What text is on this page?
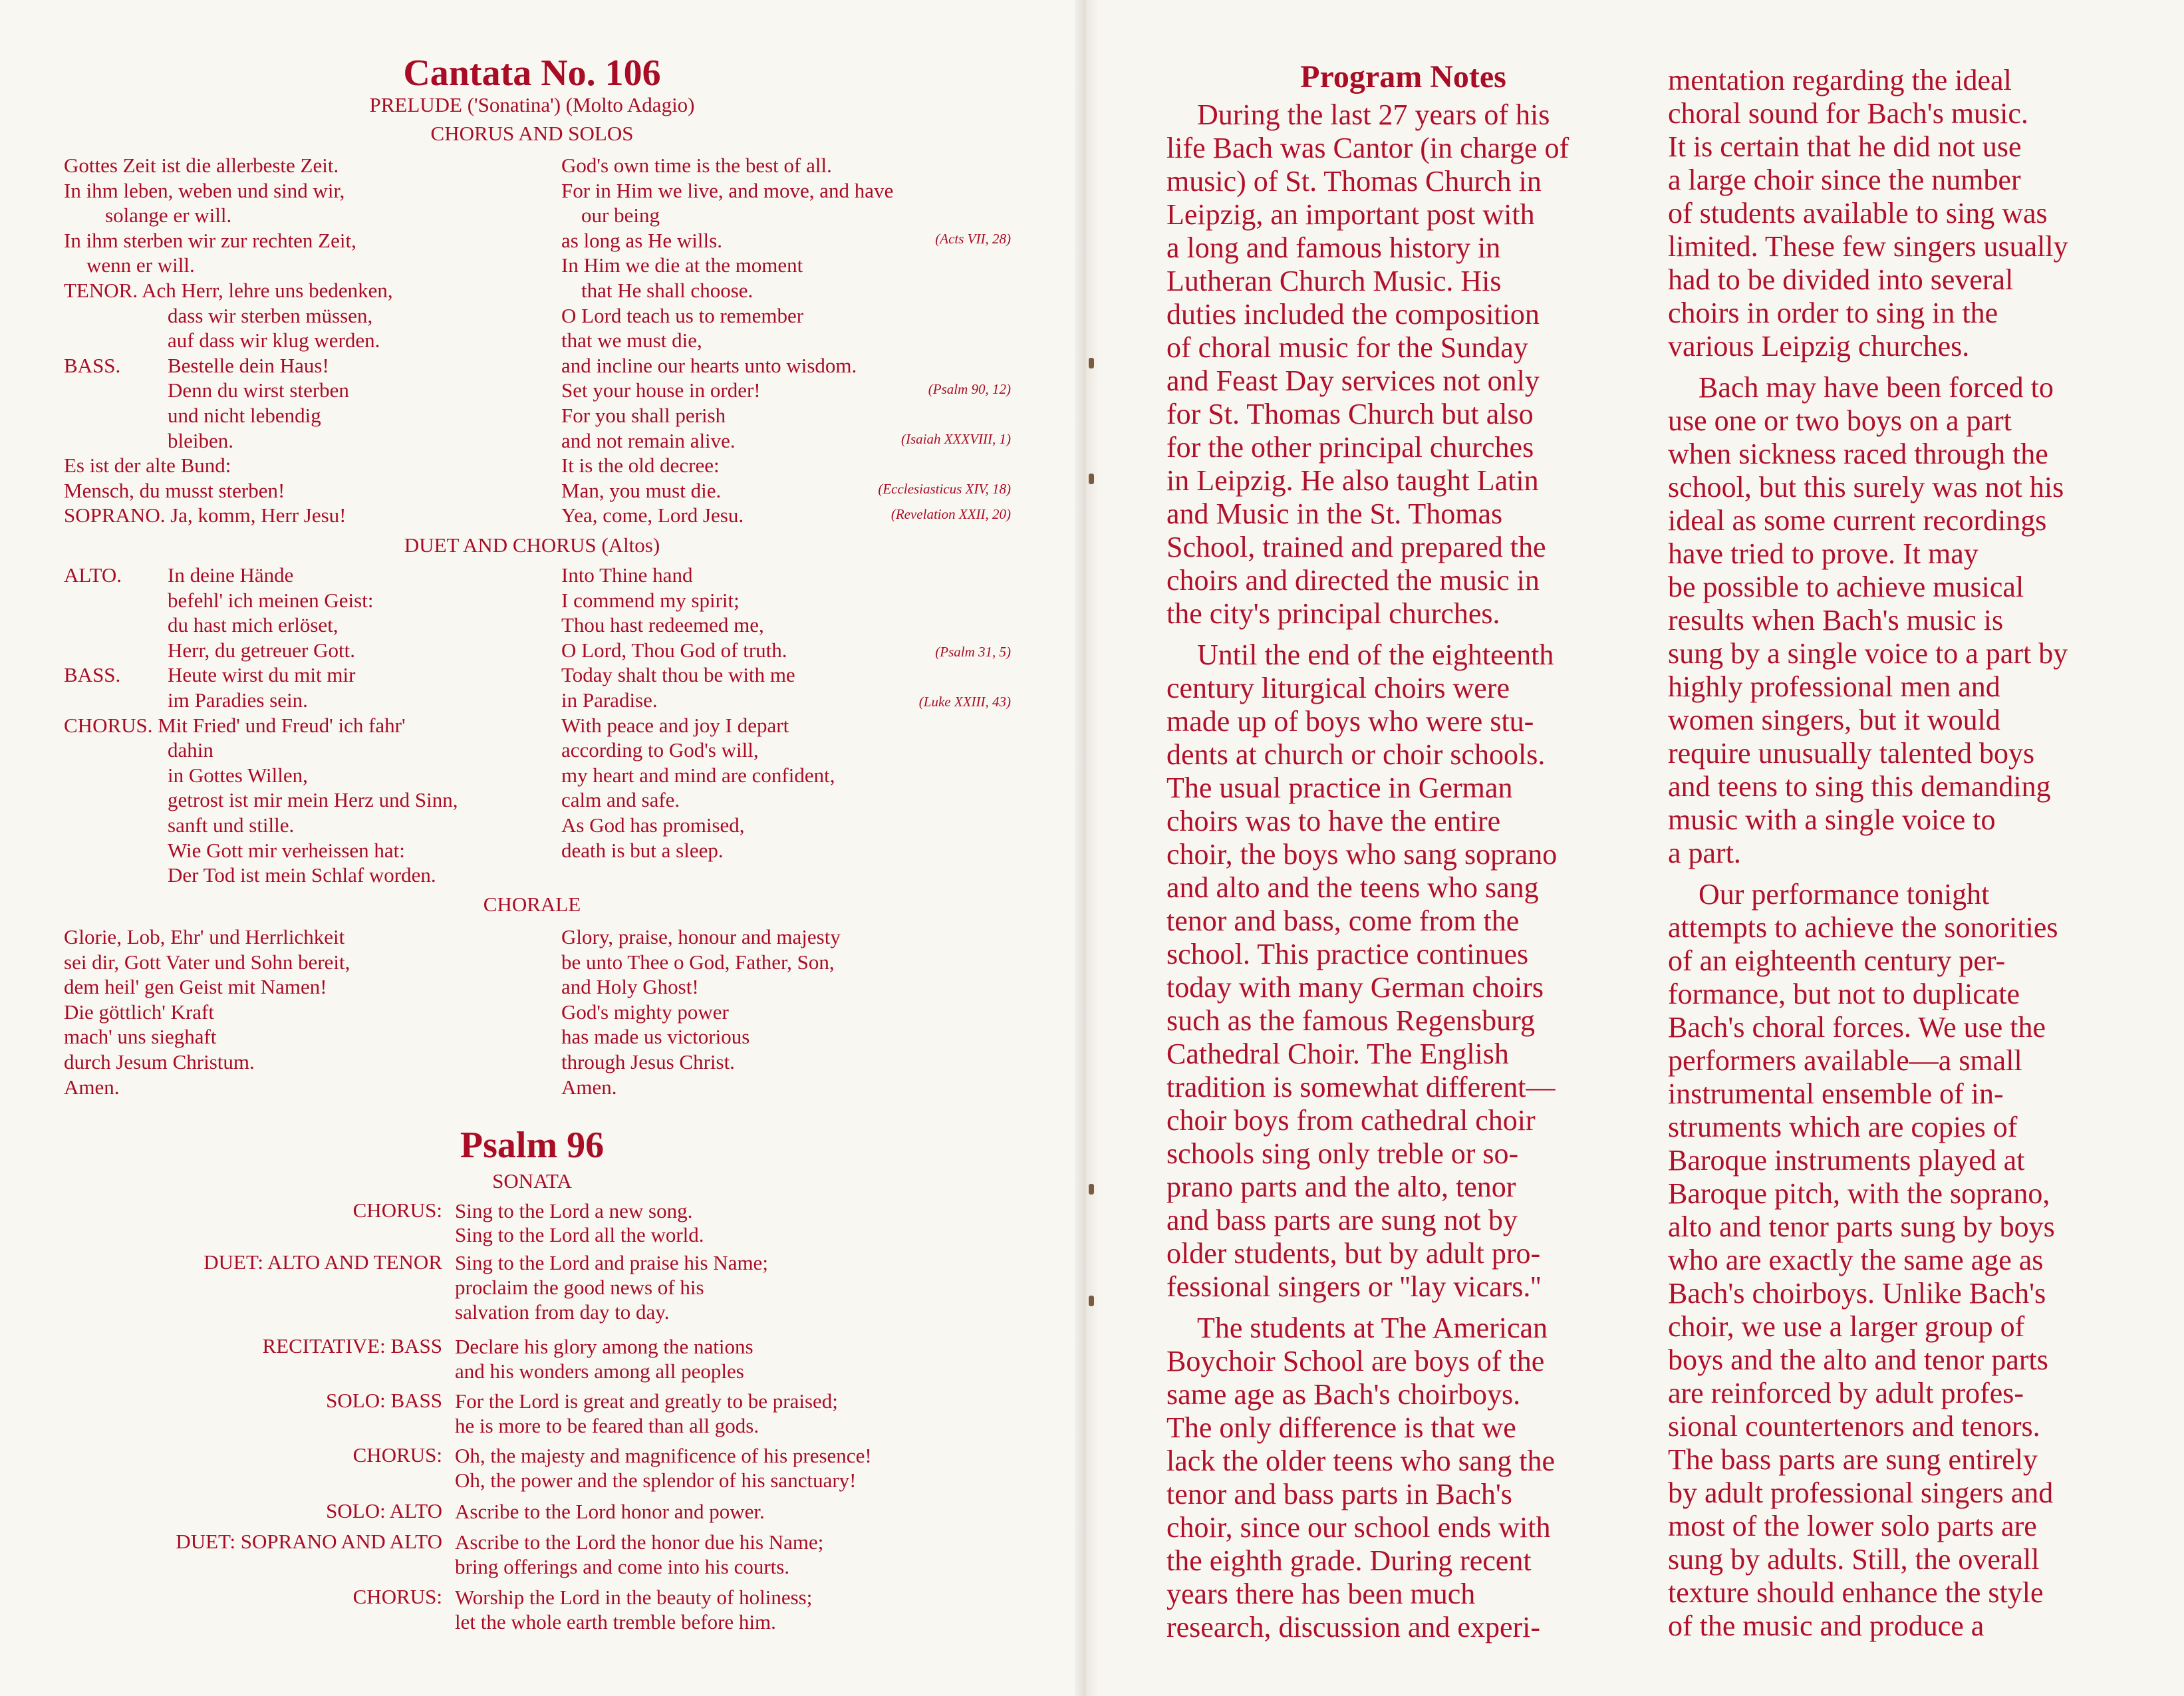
Cantata No. 106
PRELUDE ('Sonatina') (Molto Adagio)
CHORUS AND SOLOS
Gottes Zeit ist die allerbeste Zeit.
In ihm leben, weben und sind wir,
solange er will.
In ihm sterben wir zur rechten Zeit,
wenn er will.
TENOR. Ach Herr, lehre uns bedenken,
dass wir sterben müssen,
auf dass wir klug werden.
BASS. Bestelle dein Haus!
Denn du wirst sterben
und nicht lebendig
bleiben.
Es ist der alte Bund:
Mensch, du musst sterben!
SOPRANO. Ja, komm, Herr Jesu!
God's own time is the best of all.
For in Him we live, and move, and have
our being
as long as He wills.
In Him we die at the moment
that He shall choose.
O Lord teach us to remember
that we must die,
and incline our hearts unto wisdom.
Set your house in order!
For you shall perish
and not remain alive.
It is the old decree:
Man, you must die.
Yea, come, Lord Jesu.
(Acts VII, 28)
(Psalm 90, 12)
(Isaiah XXXVIII, 1)
(Ecclesiasticus XIV, 18)
(Revelation XXII, 20)
(Psalm 31, 5)
(Luke XXIII, 43)
DUET AND CHORUS (Altos)
ALTO. In deine Hände
befehl' ich meinen Geist:
du hast mich erlöset,
Herr, du getreuer Gott.
BASS. Heute wirst du mit mir
im Paradies sein.
CHORUS. Mit Fried' und Freud' ich fahr'
dahin
in Gottes Willen,
getrost ist mir mein Herz und Sinn,
sanft und stille.
Wie Gott mir verheissen hat:
Der Tod ist mein Schlaf worden.
Into Thine hand
I commend my spirit;
Thou hast redeemed me,
O Lord, Thou God of truth.
Today shalt thou be with me
in Paradise.
With peace and joy I depart
according to God's will,
my heart and mind are confident,
calm and safe.
As God has promised,
death is but a sleep.
CHORALE
Glorie, Lob, Ehr' und Herrlichkeit
sei dir, Gott Vater und Sohn bereit,
dem heil' gen Geist mit Namen!
Die göttlich' Kraft
mach' uns sieghaft
durch Jesum Christum.
Amen.
Glory, praise, honour and majesty
be unto Thee o God, Father, Son,
and Holy Ghost!
God's mighty power
has made us victorious
through Jesus Christ.
Amen.
Psalm 96
SONATA
CHORUS:
DUET: ALTO AND TENOR
RECITATIVE: BASS
SOLO: BASS
CHORUS:
SOLO: ALTO
DUET: SOPRANO AND ALTO
CHORUS:
Sing to the Lord a new song.
Sing to the Lord all the world.
Sing to the Lord and praise his Name;
proclaim the good news of his
salvation from day to day.
Declare his glory among the nations
and his wonders among all peoples
For the Lord is great and greatly to be praised;
he is more to be feared than all gods.
Oh, the majesty and magnificence of his presence!
Oh, the power and the splendor of his sanctuary!
Ascribe to the Lord honor and power.
Ascribe to the Lord the honor due his Name;
bring offerings and come into his courts.
Worship the Lord in the beauty of holiness;
let the whole earth tremble before him.
Program Notes

During the last 27 years of his

life Bach was Cantor (in charge of

music) of St. Thomas Church in

Leipzig, an important post with

a long and famous history in

Lutheran Church Music. His

duties included the composition

of choral music for the Sunday

and Feast Day services not only

for St. Thomas Church but also

for the other principal churches

in Leipzig. He also taught Latin

and Music in the St. Thomas

School, trained and prepared the

choirs and directed the music in

the city's principal churches.

Until the end of the eighteenth

century liturgical choirs were

made up of boys who were stu-

dents at church or choir schools.

The usual practice in German

choirs was to have the entire

choir, the boys who sang soprano

and alto and the teens who sang

tenor and bass, come from the

school. This practice continues

today with many German choirs

such as the famous Regensburg

Cathedral Choir. The English

tradition is somewhat different—

choir boys from cathedral choir

schools sing only treble or so-

prano parts and the alto, tenor

and bass parts are sung not by

older students, but by adult pro-

fessional singers or ''lay vicars.''

The students at The American

Boychoir School are boys of the

same age as Bach's choirboys.

The only difference is that we

lack the older teens who sang the

tenor and bass parts in Bach's

choir, since our school ends with

the eighth grade. During recent

years there has been much

research, discussion and experi-

mentation regarding the ideal

choral sound for Bach's music.

It is certain that he did not use

a large choir since the number

of students available to sing was

limited. These few singers usually

had to be divided into several

choirs in order to sing in the

various Leipzig churches.

Bach may have been forced to

use one or two boys on a part

when sickness raced through the

school, but this surely was not his

ideal as some current recordings

have tried to prove. It may

be possible to achieve musical

results when Bach's music is

sung by a single voice to a part by

highly professional men and

women singers, but it would

require unusually talented boys

and teens to sing this demanding

music with a single voice to

a part.

Our performance tonight

attempts to achieve the sonorities

of an eighteenth century per-

formance, but not to duplicate

Bach's choral forces. We use the

performers available—a small

instrumental ensemble of in-

struments which are copies of

Baroque instruments played at

Baroque pitch, with the soprano,

alto and tenor parts sung by boys

who are exactly the same age as

Bach's choirboys. Unlike Bach's

choir, we use a larger group of

boys and the alto and tenor parts

are reinforced by adult profes-

sional countertenors and tenors.

The bass parts are sung entirely

by adult professional singers and

most of the lower solo parts are

sung by adults. Still, the overall

texture should enhance the style

of the music and produce a
